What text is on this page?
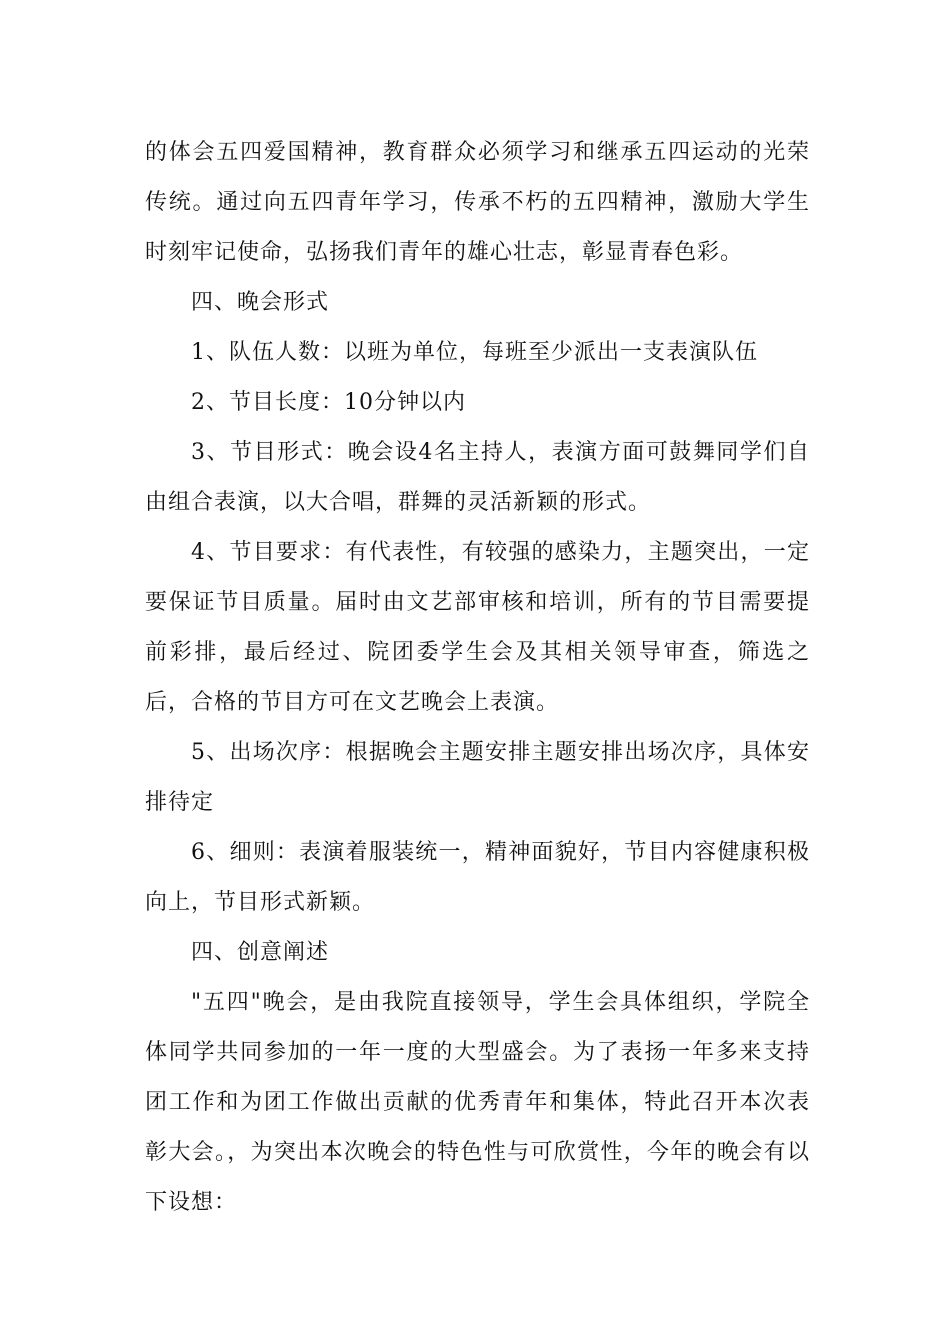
的体会五四爱国精神，教育群众必须学习和继承五四运动的光荣传统。通过向五四青年学习，传承不朽的五四精神，激励大学生时刻牢记使命，弘扬我们青年的雄心壮志，彰显青春色彩。

四、晚会形式

1、队伍人数：以班为单位，每班至少派出一支表演队伍

2、节目长度：10分钟以内

3、节目形式：晚会设4名主持人，表演方面可鼓舞同学们自由组合表演，以大合唱，群舞的灵活新颖的形式。

4、节目要求：有代表性，有较强的感染力，主题突出，一定要保证节目质量。届时由文艺部审核和培训，所有的节目需要提前彩排，最后经过、院团委学生会及其相关领导审查，筛选之后，合格的节目方可在文艺晚会上表演。

5、出场次序：根据晚会主题安排主题安排出场次序，具体安排待定

6、细则：表演着服装统一，精神面貌好，节目内容健康积极向上，节目形式新颖。

四、创意阐述

"五四"晚会，是由我院直接领导，学生会具体组织，学院全体同学共同参加的一年一度的大型盛会。为了表扬一年多来支持团工作和为团工作做出贡献的优秀青年和集体，特此召开本次表彰大会。，为突出本次晚会的特色性与可欣赏性，今年的晚会有以下设想：
